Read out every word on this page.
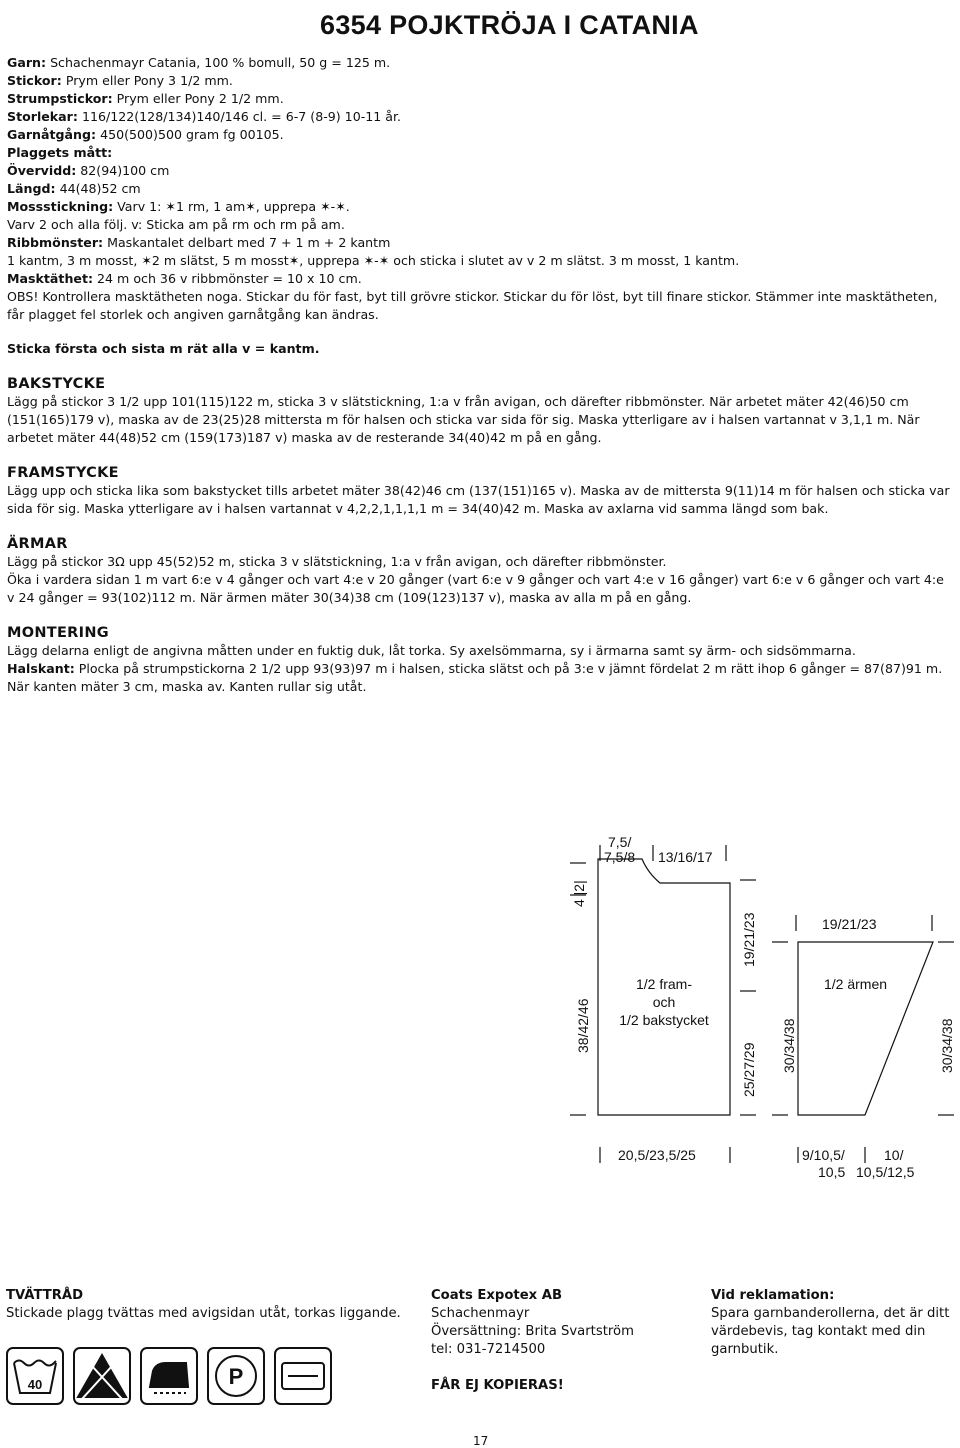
6354 POJKTRÖJA I CATANIA

Garn: Schachenmayr Catania, 100 % bomull, 50 g = 125 m.

Stickor: Prym eller Pony 3 1/2 mm.

Strumpstickor: Prym eller Pony 2 1/2 mm.

Storlekar: 116/122(128/134)140/146 cl. = 6-7 (8-9) 10-11 år.

Garnåtgång: 450(500)500 gram fg 00105.

Plaggets mått:

Övervidd: 82(94)100 cm

Längd: 44(48)52 cm

Mossstickning: Varv 1: ✶1 rm, 1 am✶, upprepa ✶-✶.

Varv 2 och alla följ. v: Sticka am på rm och rm på am.

Ribbmönster: Maskantalet delbart med 7 + 1 m + 2 kantm

1 kantm, 3 m mosst, ✶2 m slätst, 5 m mosst✶, upprepa ✶-✶ och sticka i slutet av v 2 m slätst. 3 m mosst, 1 kantm.

Masktäthet: 24 m och 36 v ribbmönster = 10 x 10 cm.

OBS! Kontrollera masktätheten noga. Stickar du för fast, byt till grövre stickor. Stickar du för löst, byt till finare stickor. Stämmer inte masktätheten, får plagget fel storlek och angiven garnåtgång kan ändras.

Sticka första och sista m rät alla v = kantm.

BAKSTYCKE

Lägg på stickor 3 1/2 upp 101(115)122 m, sticka 3 v slätstickning, 1:a v från avigan, och därefter ribbmönster. När arbetet mäter 42(46)50 cm (151(165)179 v), maska av de 23(25)28 mittersta m för halsen och sticka var sida för sig. Maska ytterligare av i halsen vartannat v 3,1,1 m. När arbetet mäter 44(48)52 cm (159(173)187 v) maska av de resterande 34(40)42 m på en gång.

FRAMSTYCKE

Lägg upp och sticka lika som bakstycket tills arbetet mäter 38(42)46 cm (137(151)165 v). Maska av de mittersta 9(11)14 m för halsen och sticka var sida för sig. Maska ytterligare av i halsen vartannat v 4,2,2,1,1,1,1 m = 34(40)42 m. Maska av axlarna vid samma längd som bak.

ÄRMAR

Lägg på stickor 3Ω upp 45(52)52 m, sticka 3 v slätstickning, 1:a v från avigan, och därefter ribbmönster.

Öka i vardera sidan 1 m vart 6:e v 4 gånger och vart 4:e v 20 gånger (vart 6:e v 9 gånger och vart 4:e v 16 gånger) vart 6:e v 6 gånger och vart 4:e v 24 gånger = 93(102)112 m. När ärmen mäter 30(34)38 cm (109(123)137 v), maska av alla m på en gång.

MONTERING

Lägg delarna enligt de angivna måtten under en fuktig duk, låt torka. Sy axelsömmarna, sy i ärmarna samt sy ärm- och sidsömmarna.

Halskant: Plocka på strumpstickorna 2 1/2 upp 93(93)97 m i halsen, sticka slätst och på 3:e v jämnt fördelat 2 m rätt ihop 6 gånger = 87(87)91 m. När kanten mäter 3 cm, maska av. Kanten rullar sig utåt.

7,5/
7,5/8 13/16/17
4 |2|
38/42/46
1/2 fram-
och
1/2 bakstycket
19/21/23
25/27/29
20,5/23,5/25
19/21/23
1/2 ärmen
30/34/38	30/34/38
9/10,5/	10/
10,5 10,5/12,5

TVÄTTRÅD

Stickade plagg tvättas med avigsidan utåt, torkas liggande.

40	P

Coats Expotex AB

Schachenmayr

Översättning: Brita Svartström

tel: 031-7214500

FÅR EJ KOPIERAS!

Vid reklamation:

Spara garnbanderollerna, det är ditt värdebevis, tag kontakt med din garnbutik.

17
